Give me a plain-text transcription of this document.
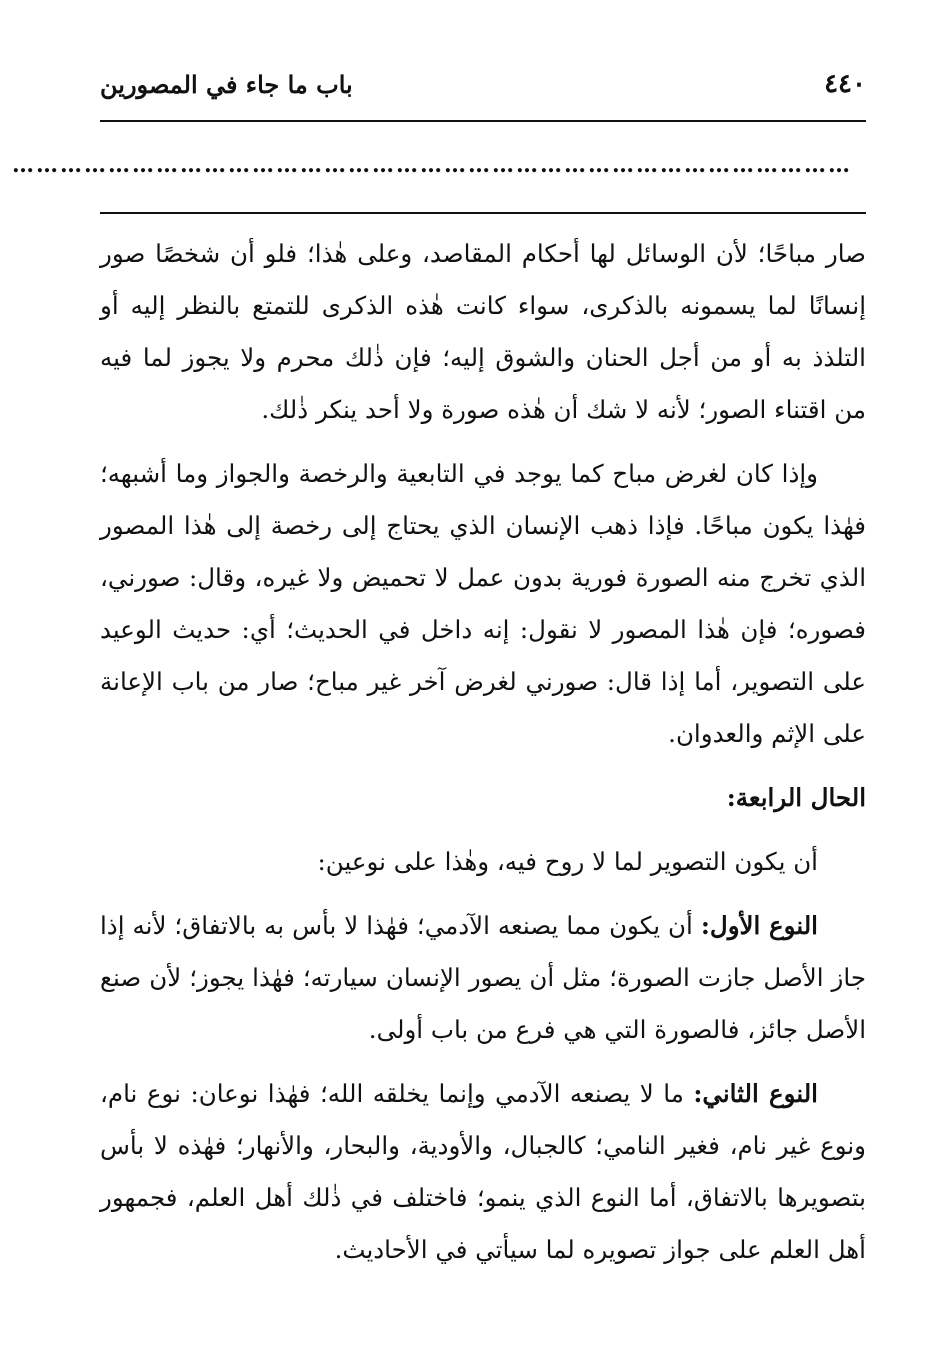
٤٤٠
باب ما جاء في المصورين
……………………………………………………………………………………………

صار مباحًا؛ لأن الوسائل لها أحكام المقاصد، وعلى هٰذا؛ فلو أن شخصًا صور إنسانًا لما يسمونه بالذكرى، سواء كانت هٰذه الذكرى للتمتع بالنظر إليه أو التلذذ به أو من أجل الحنان والشوق إليه؛ فإن ذٰلك محرم ولا يجوز لما فيه من اقتناء الصور؛ لأنه لا شك أن هٰذه صورة ولا أحد ينكر ذٰلك.

وإذا كان لغرض مباح كما يوجد في التابعية والرخصة والجواز وما أشبهه؛ فهٰذا يكون مباحًا. فإذا ذهب الإنسان الذي يحتاج إلى رخصة إلى هٰذا المصور الذي تخرج منه الصورة فورية بدون عمل لا تحميض ولا غيره، وقال: صورني، فصوره؛ فإن هٰذا المصور لا نقول: إنه داخل في الحديث؛ أي: حديث الوعيد على التصوير، أما إذا قال: صورني لغرض آخر غير مباح؛ صار من باب الإعانة على الإثم والعدوان.

الحال الرابعة:

أن يكون التصوير لما لا روح فيه، وهٰذا على نوعين:

النوع الأول: أن يكون مما يصنعه الآدمي؛ فهٰذا لا بأس به بالاتفاق؛ لأنه إذا جاز الأصل جازت الصورة؛ مثل أن يصور الإنسان سيارته؛ فهٰذا يجوز؛ لأن صنع الأصل جائز، فالصورة التي هي فرع من باب أولى.

النوع الثاني: ما لا يصنعه الآدمي وإنما يخلقه الله؛ فهٰذا نوعان: نوع نام، ونوع غير نام، فغير النامي؛ كالجبال، والأودية، والبحار، والأنهار؛ فهٰذه لا بأس بتصويرها بالاتفاق، أما النوع الذي ينمو؛ فاختلف في ذٰلك أهل العلم، فجمهور أهل العلم على جواز تصويره لما سيأتي في الأحاديث.
